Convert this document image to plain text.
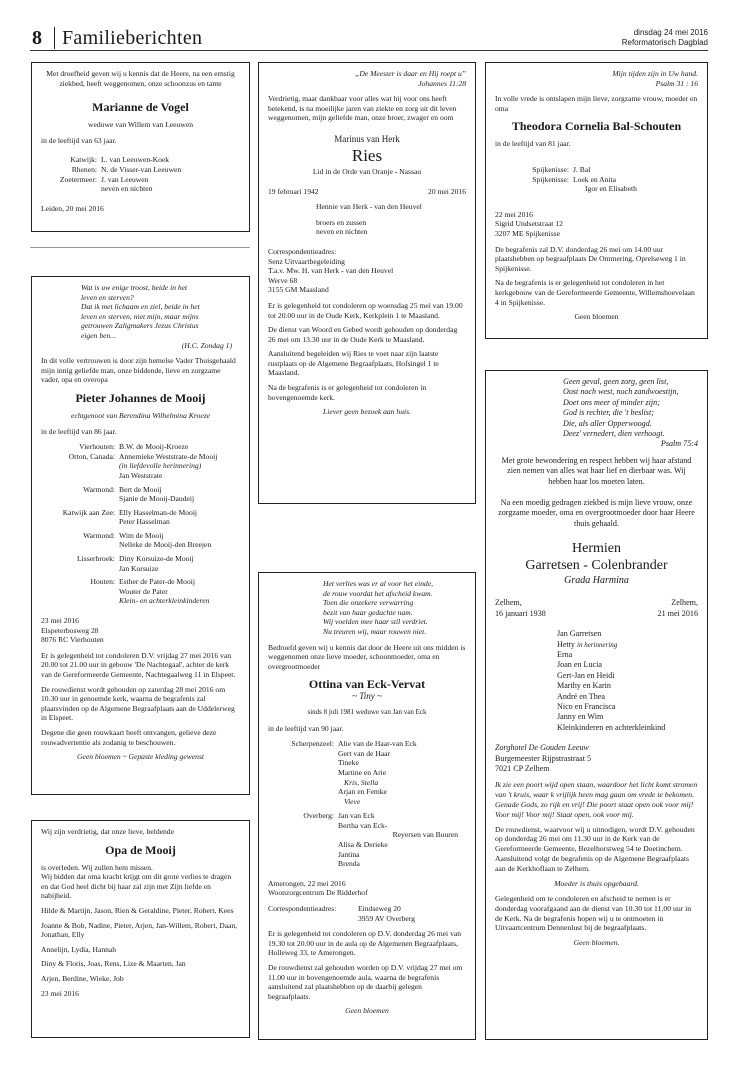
8	Familieberichten	dinsdag 24 mei 2016
Reformatorisch Dagblad

Met droefheid geven wij u kennis dat de Heere, na een ernstig ziekbed, heeft weggenomen, onze schoonzus en tante

Marianne de Vogel

weduwe van Willem van Leeuwen

in de leeftijd van 63 jaar.

Katwijk: L. van Leeuwen-Koek
Rhenen: N. de Visser-van Leeuwen
Zoetermeer: J. van Leeuwen
neven en nichten

Leiden, 20 mei 2016

Wat is uw enige troost, beide in het
leven en sterven?
Dat ik met lichaam en ziel, beide in het
leven en sterven, niet mijn, maar mijns
getrouwen Zaligmakers Jezus Christus
eigen ben...
(H.C. Zondag 1)

In dit volle vertrouwen is door zijn hemelse Vader Thuisgehaald mijn innig geliefde man, onze biddende, lieve en zorgzame vader, opa en overopa

Pieter Johannes de Mooij

echtgenoot van Berendina Wilhelmina Kroeze

in de leeftijd van 86 jaar.

Vierhouten: B.W. de Mooij-Kroeze
Orton, Canada: Annemieke Weststrate-de Mooij
(in liefdevolle herinnering)
Jan Weststrate
Warmond: Bert de Mooij
Sjanie de Mooij-Daudeij
Katwijk aan Zee: Elly Hasselman-de Mooij
Peter Hasselman
Warmond: Wim de Mooij
Nelleke de Mooij-den Breejen
Lisserbroek: Diny Korsuize-de Mooij
Jan Korsuize
Houten: Esther de Pater-de Mooij
Wouter de Pater
Klein- en achterkleinkinderen
23 mei 2016
Elspeterbosweg 28
8076 RC Vierhouten

Er is gelegenheid tot condoleren D.V. vrijdag 27 mei 2016 van 20.00 tot 21.00 uur in gebouw 'De Nachtegaal', achter de kerk van de Gereformeerde Gemeente, Nachtegaalweg 11 in Elspeet.

De rouwdienst wordt gehouden op zaterdag 28 mei 2016 om 10.30 uur in genoemde kerk, waarna de begrafenis zal plaatsvinden op de Algemene Begraafplaats aan de Uddelerweg in Elspeet.

Degene die geen rouwkaart heeft ontvangen, gelieve deze rouwadvertentie als zodanig te beschouwen.

Geen bloemen ~ Gepaste kleding gewenst

Wij zijn verdrietig, dat onze lieve, beldende

Opa de Mooij

is overleden. Wij zullen hem missen.

Wij bidden dat oma kracht krijgt om dit grote verlies te dragen en dat God heel dicht bij haar zal zijn met Zijn liefde en nabijheid.

Hilde & Martijn, Jason, Rien & Geraldine, Pieter, Robert, Kees

Joanne & Bob, Nadine, Pieter, Arjen, Jan-Willem, Robert, Daan, Jonathan, Elly

Annelijn, Lydia, Hannah

Diny & Floris, Joas, Rens, Lize & Maarten, Jan

Arjen, Berdine, Wieke, Job

23 mei 2016

„De Meester is daar en Hij roept u”

Johannes 11:28

Verdrietig, maar dankbaar voor alles wat hij voor ons heeft betekend, is na moeilijke jaren van ziekte en zorg uit dit leven weggenomen, mijn geliefde man, onze broer, zwager en oom

Marinus van Herk

Ries

Lid in de Orde van Oranje - Nassau

19 februari 1942	20 mei 2016

Hennie van Herk - van den Heuvel

broers en zussen

neven en nichten

Correspondentieadres:
Senz Uitvaartbegeleiding
T.a.v. Mw. H. van Herk - van den Heuvel
Werve 68
3155 GM Maasland

Er is gelegenheid tot condoleren op woensdag 25 mei van 19.00 tot 20.00 uur in de Oude Kerk, Kerkplein 1 te Maasland.

De dienst van Woord en Gebed wordt gehouden op donderdag 26 mei om 13.30 uur in de Oude Kerk te Maasland.

Aansluitend begeleiden wij Ries te voet naar zijn laatste rustplaats op de Algemene Begraafplaats, Hofsingel 1 te Maasland.

Na de begrafenis is er gelegenheid tot condoleren in bovengenoemde kerk.

Liever geen bezoek aan huis.

Het verlies was er al voor het einde,
de rouw voordat het afscheid kwam.
Toen die onzekere verwarring
bezit van haar gedachte nam.
Wij voelden mee haar stil verdriet.
Nu treuren wij, maar rouwen niet.

Bedroefd geven wij u kennis dat door de Heere uit ons midden is weggenomen onze lieve moeder, schoonmoeder, oma en overgrootmoeder

Ottina van Eck-Vervat

~ Tiny ~

sinds 8 juli 1981 weduwe van Jan van Eck

in de leeftijd van 90 jaar.

Scherpenzeel: Alie van de Haar-van Eck
Gert van de Haar
Tineke
Martine en Arie
Kris, Stella
Arjan en Femke
Vieve
Overberg: Jan van Eck
Bertha van Eck-
Reyersen van Buuren
Alisa & Derieke
Jantina
Brenda

Amerongen, 22 mei 2016

Woonzorgcentrum De Ridderhof

Correspondentieadres:	Eindseweg 20
3959 AV Overberg

Er is gelegenheid tot condoleren op D.V. donderdag 26 mei van 19.30 tot 20.00 uur in de aula op de Algemenen Begraafplaats, Holleweg 33, te Amerongen.

De rouwdienst zal gehouden worden op D.V. vrijdag 27 mei om 11.00 uur in bovengenoemde aula, waarna de begrafenis aansluitend zal plaatshebben op de daarbij gelegen begraafplaats.

Geen bloemen

Mijn tijden zijn in Uw hand.

Psalm 31 : 16

In volle vrede is ontslapen mijn lieve, zorgzame vrouw, moeder en oma

Theodora Cornelia Bal-Schouten

in de leeftijd van 81 jaar.

Spijkenisse: J. Bal
Spijkenisse: Loek en Anita
Igor en Elisabeth
22 mei 2016
Sigrid Undsetstraat 12
3207 ME Spijkenisse

De begrafenis zal D.V. donderdag 26 mei om 14.00 uur plaatshebben op begraafplaats De Ommering, Oprelseweg 1 in Spijkenisse.

Na de begrafenis is er gelegenheid tot condoleren in het kerkgebouw van de Gereformeerde Gemeente, Willemshoevelaan 4 in Spijkenisse.

Geen bloemen

Geen geval, geen zorg, geen list,
Oost noch west, noch zandwoestijn,
Doet ons meer of minder zijn;
God is rechter, die 't beslist;
Die, als aller Opperwoogd.
Deez' vernedert, dien verhoogt.
Psalm 75:4

Met grote bewondering en respect hebben wij haar afstand zien nemen van alles wat haar lief en dierbaar was. Wij hebben haar los moeten laten.

Na een moedig gedragen ziekbed is mijn lieve vrouw, onze zorgzame moeder, oma en overgrootmoeder door haar Heere thuis gehaald.

Hermien
Garretsen - Colenbrander

Grada Harmina

Zelhem,
16 januari 1938
Zelhem,
21 mei 2016
Jan Garretsen
Hetty in herinnering
Erna
Joan en Lucia
Gert-Jan en Heidi
Marthy en Karin
André en Thea
Nico en Francisca
Janny en Wim
Kleinkinderen en achterkleinkind
Zorghotel De Gouden Leeuw
Burgemeester Rijpstrastraat 5
7021 CP Zelhem

Ik zie een poort wijd open staan, waardoor het licht komt stromen van 't kruis, waar k vrijlijk heen mag gaan om vrede te bekomen. Genade Gods, zo rijk en vrij! Die poort staat open ook voor mij! Voor mij! Voor mij! Staat open, ook voor mij.

De rouwdienst, waarvoor wij u uitnodigen, wordt D.V. gehouden op donderdag 26 mei om 11.30 uur in de Kerk van de Gereformeerde Gemeente, Bezelhorstweg 54 te Doetinchem. Aansluitend volgt de begrafenis op de Algemene Begraafplaats aan de Kerkhoflaan te Zelhem.

Moeder is thuis opgebaard.

Gelegenheid om te condoleren en afscheid te nemen is er donderdag voorafgaand aan de dienst van 10.30 tot 11.00 uur in de Kerk. Na de begrafenis hopen wij u te ontmoeten in Uitvaartcentrum Dennenlust bij de begraafplaats.

Geen bloemen.
